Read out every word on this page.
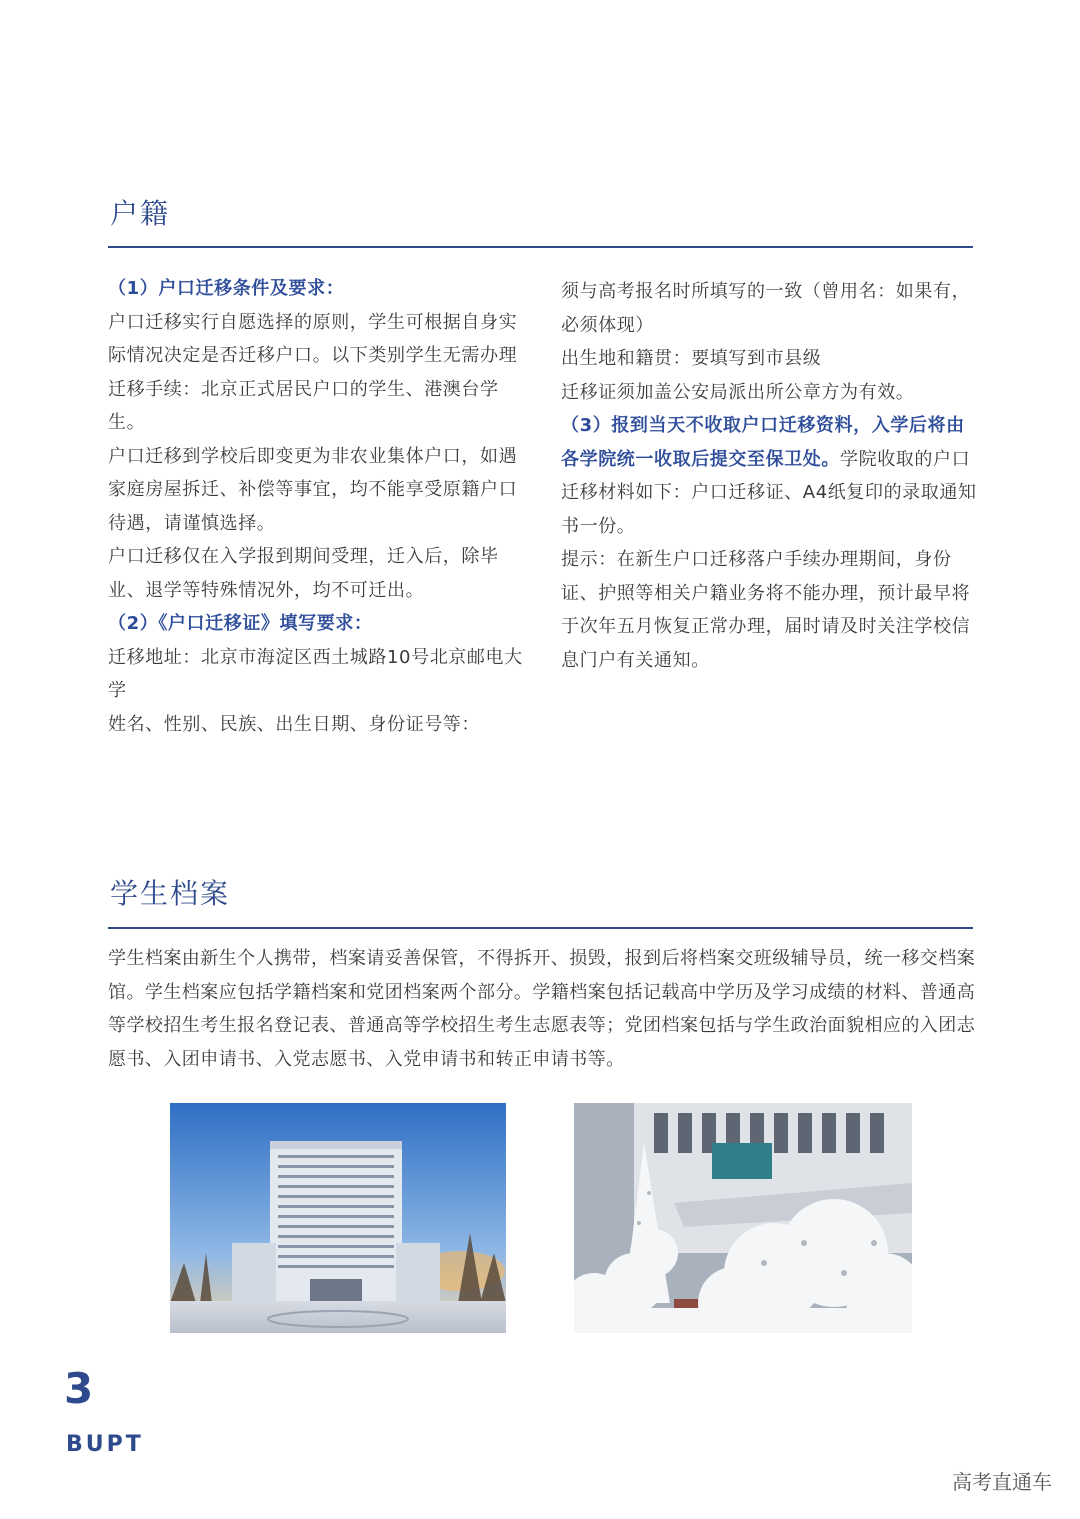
户籍

（1）户口迁移条件及要求：

户口迁移实行自愿选择的原则，学生可根据自身实际情况决定是否迁移户口。以下类别学生无需办理迁移手续：北京正式居民户口的学生、港澳台学生。

户口迁移到学校后即变更为非农业集体户口，如遇家庭房屋拆迁、补偿等事宜，均不能享受原籍户口待遇，请谨慎选择。

户口迁移仅在入学报到期间受理，迁入后，除毕业、退学等特殊情况外，均不可迁出。

（2）《户口迁移证》填写要求：

迁移地址：北京市海淀区西土城路10号北京邮电大学

姓名、性别、民族、出生日期、身份证号等：

须与高考报名时所填写的一致（曾用名：如果有，必须体现）

出生地和籍贯：要填写到市县级

迁移证须加盖公安局派出所公章方为有效。

（3）报到当天不收取户口迁移资料，入学后将由各学院统一收取后提交至保卫处。学院收取的户口迁移材料如下：户口迁移证、A4纸复印的录取通知书一份。

提示：在新生户口迁移落户手续办理期间，身份证、护照等相关户籍业务将不能办理，预计最早将于次年五月恢复正常办理，届时请及时关注学校信息门户有关通知。

学生档案

学生档案由新生个人携带，档案请妥善保管，不得拆开、损毁，报到后将档案交班级辅导员，统一移交档案馆。学生档案应包括学籍档案和党团档案两个部分。学籍档案包括记载高中学历及学习成绩的材料、普通高等学校招生考生报名登记表、普通高等学校招生考生志愿表等；党团档案包括与学生政治面貌相应的入团志愿书、入团申请书、入党志愿书、入党申请书和转正申请书等。

3
BUPT
高考直通车
